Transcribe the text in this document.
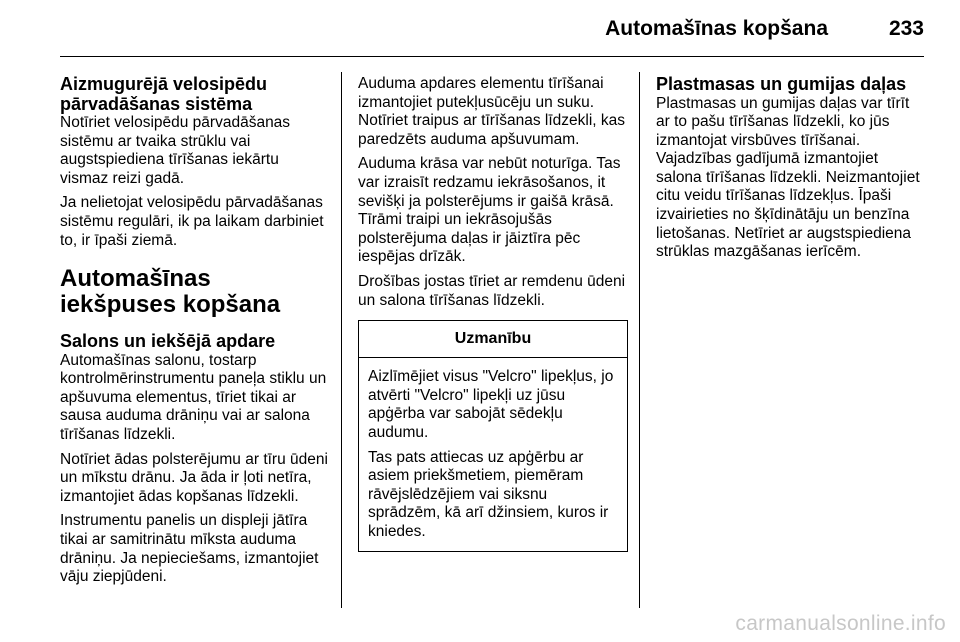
Automašīnas kopšana	233
Aizmugurējā velosipēdu pārvadāšanas sistēma

Notīriet velosipēdu pārvadāšanas sistēmu ar tvaika strūklu vai augstspiediena tīrīšanas iekārtu vismaz reizi gadā.

Ja nelietojat velosipēdu pārvadāšanas sistēmu regulāri, ik pa laikam darbiniet to, ir īpaši ziemā.

Automašīnas iekšpuses kopšana
Salons un iekšējā apdare

Automašīnas salonu, tostarp kontrolmērinstrumentu paneļa stiklu un apšuvuma elementus, tīriet tikai ar sausa auduma drāniņu vai ar salona tīrīšanas līdzekli.

Notīriet ādas polsterējumu ar tīru ūdeni un mīkstu drānu. Ja āda ir ļoti netīra, izmantojiet ādas kopšanas līdzekli.

Instrumentu panelis un displeji jātīra tikai ar samitrinātu mīksta auduma drāniņu. Ja nepieciešams, izmantojiet vāju ziepjūdeni.

Auduma apdares elementu tīrīšanai izmantojiet putekļusūcēju un suku. Notīriet traipus ar tīrīšanas līdzekli, kas paredzēts auduma apšuvumam.

Auduma krāsa var nebūt noturīga. Tas var izraisīt redzamu iekrāsošanos, it sevišķi ja polsterējums ir gaišā krāsā. Tīrāmi traipi un iekrāsojušās polsterējuma daļas ir jāiztīra pēc iespējas drīzāk.

Drošības jostas tīriet ar remdenu ūdeni un salona tīrīšanas līdzekli.

Uzmanību

Aizlīmējiet visus "Velcro" lipekļus, jo atvērti "Velcro" lipekļi uz jūsu apģērba var sabojāt sēdekļu audumu.

Tas pats attiecas uz apģērbu ar asiem priekšmetiem, piemēram rāvējslēdzējiem vai siksnu sprādzēm, kā arī džinsiem, kuros ir kniedes.

Plastmasas un gumijas daļas

Plastmasas un gumijas daļas var tīrīt ar to pašu tīrīšanas līdzekli, ko jūs izmantojat virsbūves tīrīšanai. Vajadzības gadījumā izmantojiet salona tīrīšanas līdzekli. Neizmantojiet citu veidu tīrīšanas līdzekļus. Īpaši izvairieties no šķīdinātāju un benzīna lietošanas. Netīriet ar augstspiediena strūklas mazgāšanas ierīcēm.

carmanualsonline.info
